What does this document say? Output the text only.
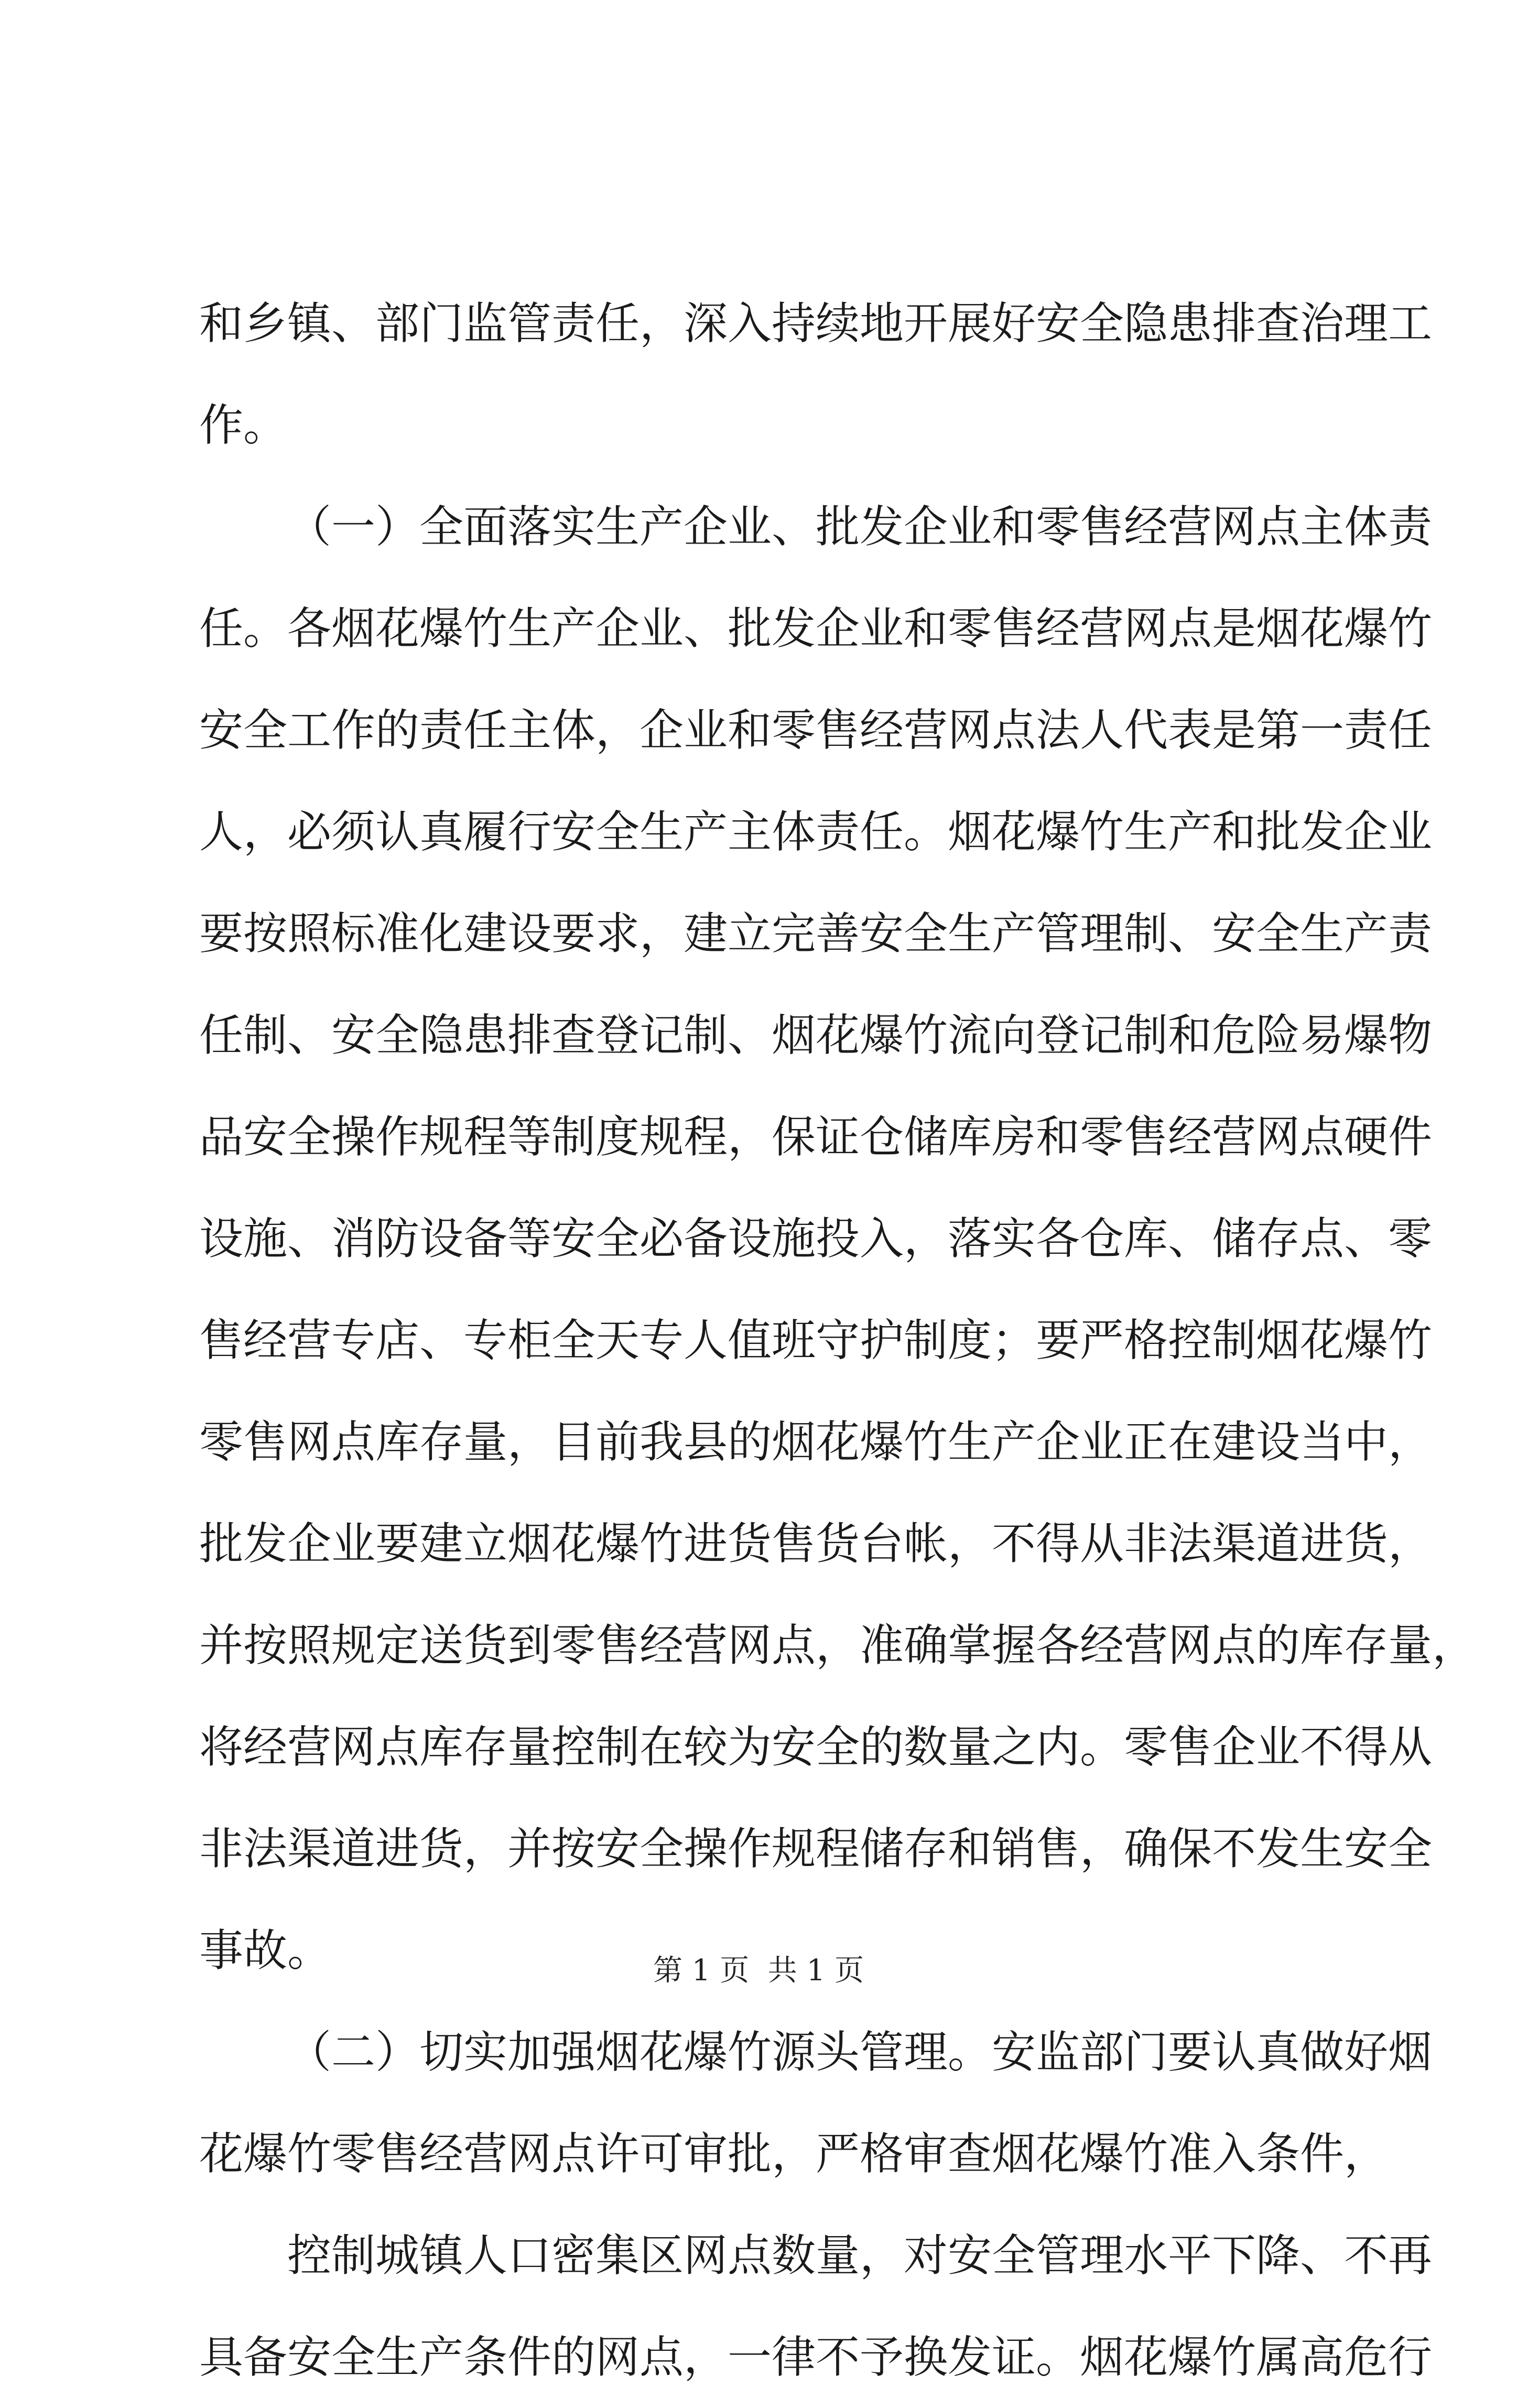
和乡镇、部门监管责任，深入持续地开展好安全隐患排查治理工
作。
（一）全面落实生产企业、批发企业和零售经营网点主体责
任。各烟花爆竹生产企业、批发企业和零售经营网点是烟花爆竹
安全工作的责任主体，企业和零售经营网点法人代表是第一责任
人，必须认真履行安全生产主体责任。烟花爆竹生产和批发企业
要按照标准化建设要求，建立完善安全生产管理制、安全生产责
任制、安全隐患排查登记制、烟花爆竹流向登记制和危险易爆物
品安全操作规程等制度规程，保证仓储库房和零售经营网点硬件
设施、消防设备等安全必备设施投入，落实各仓库、储存点、零
售经营专店、专柜全天专人值班守护制度；要严格控制烟花爆竹
零售网点库存量，目前我县的烟花爆竹生产企业正在建设当中，
批发企业要建立烟花爆竹进货售货台帐，不得从非法渠道进货，
并按照规定送货到零售经营网点，准确掌握各经营网点的库存量，
将经营网点库存量控制在较为安全的数量之内。零售企业不得从
非法渠道进货，并按安全操作规程储存和销售，确保不发生安全
事故。
（二）切实加强烟花爆竹源头管理。安监部门要认真做好烟
花爆竹零售经营网点许可审批，严格审查烟花爆竹准入条件，
控制城镇人口密集区网点数量，对安全管理水平下降、不再
具备安全生产条件的网点，一律不予换发证。烟花爆竹属高危行
第 1 页  共 1 页
